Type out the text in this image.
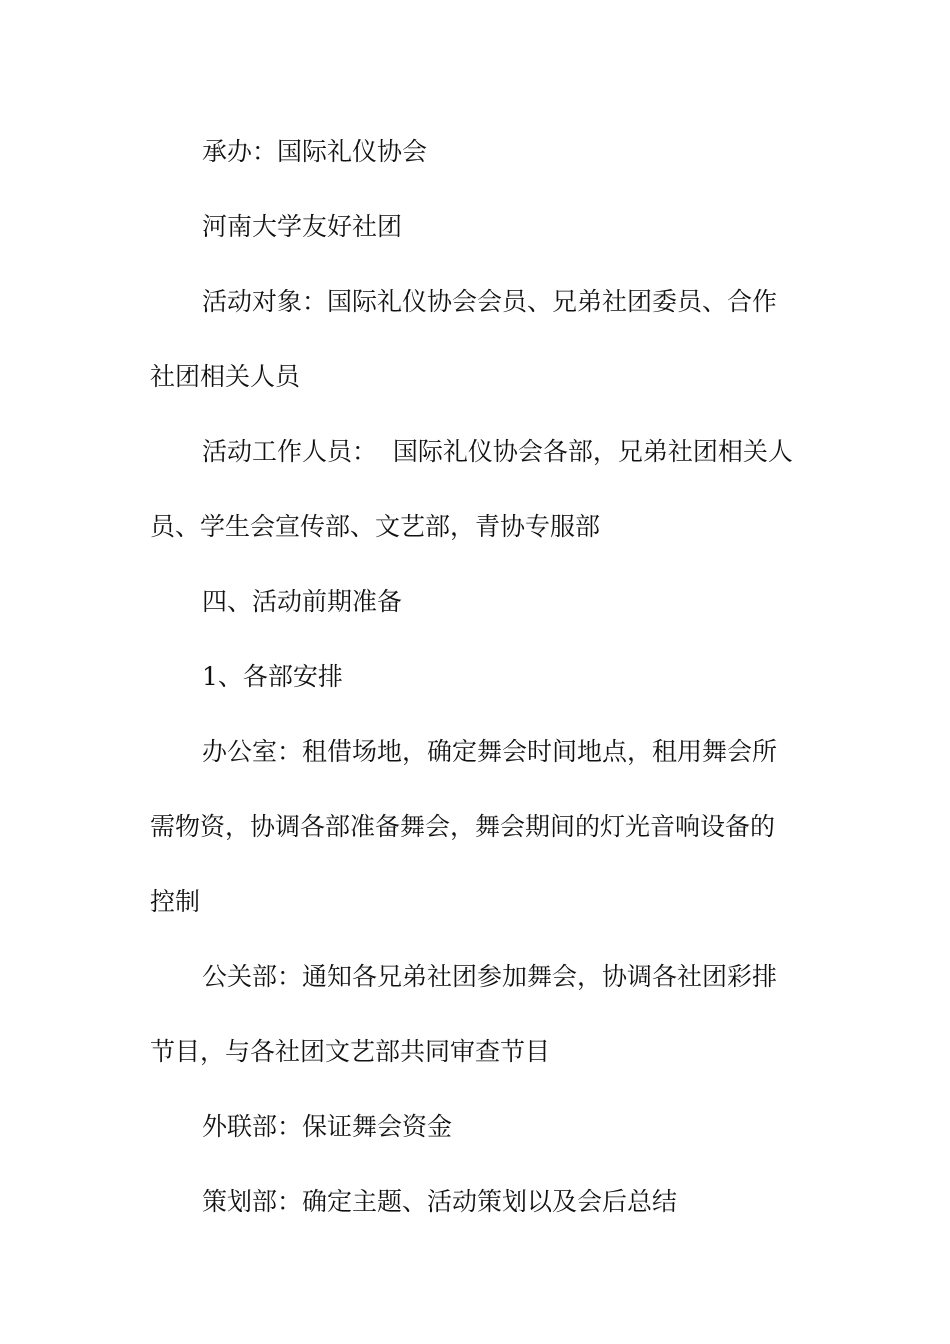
承办：国际礼仪协会
河南大学友好社团
活动对象：国际礼仪协会会员、兄弟社团委员、合作
社团相关人员
活动工作人员：  国际礼仪协会各部，兄弟社团相关人
员、学生会宣传部、文艺部，青协专服部
四、活动前期准备
1、各部安排
办公室：租借场地，确定舞会时间地点，租用舞会所
需物资，协调各部准备舞会，舞会期间的灯光音响设备的
控制
公关部：通知各兄弟社团参加舞会，协调各社团彩排
节目，与各社团文艺部共同审查节目
外联部：保证舞会资金
策划部：确定主题、活动策划以及会后总结
